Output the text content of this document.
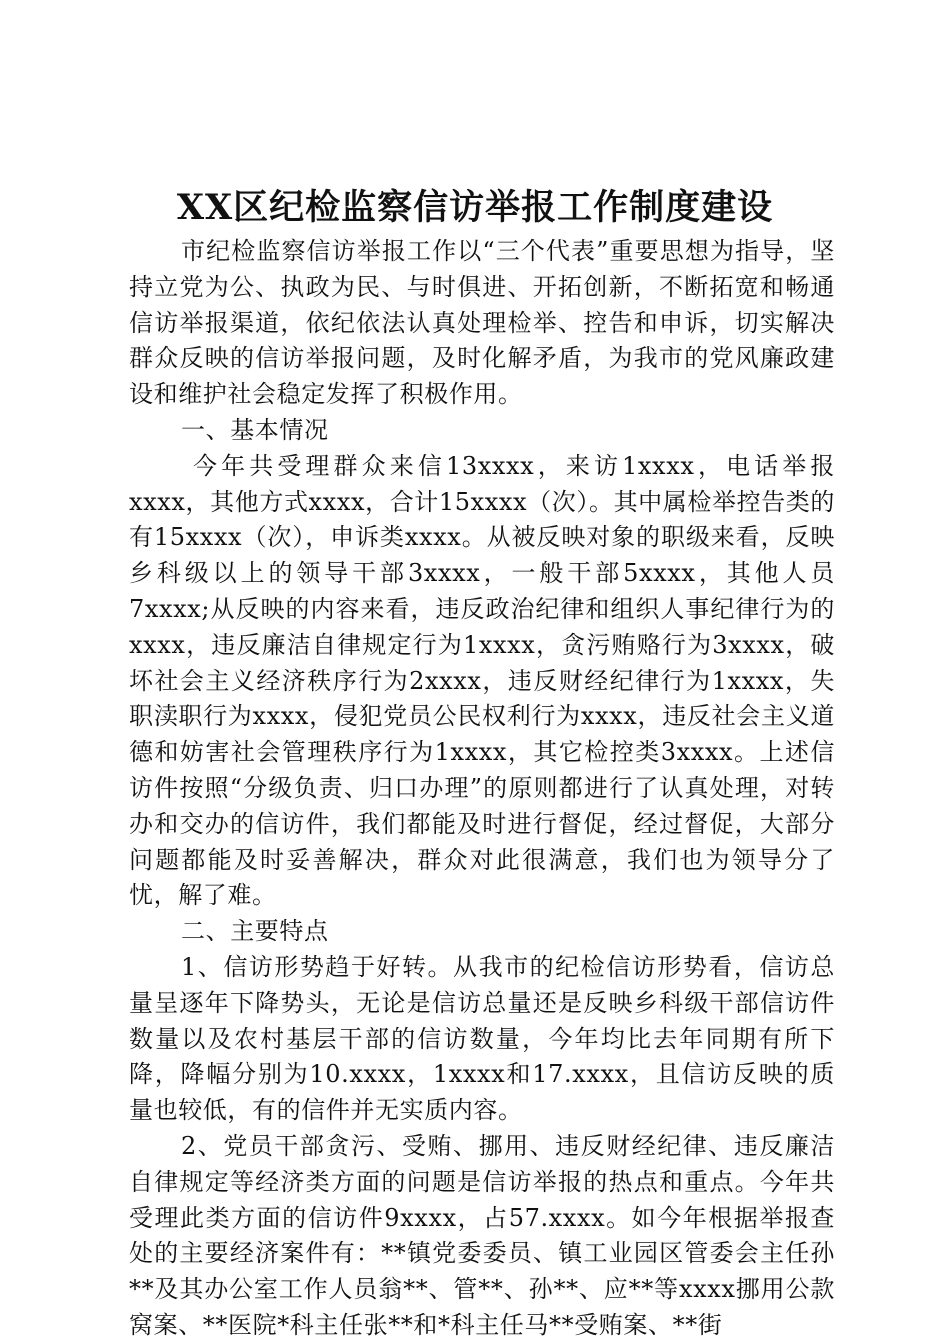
XX区纪检监察信访举报工作制度建设

市纪检监察信访举报工作以“三个代表”重要思想为指导，坚持立党为公、执政为民、与时俱进、开拓创新，不断拓宽和畅通信访举报渠道，依纪依法认真处理检举、控告和申诉，切实解决群众反映的信访举报问题，及时化解矛盾，为我市的党风廉政建设和维护社会稳定发挥了积极作用。

一、基本情况

今年共受理群众来信13xxxx，来访1xxxx，电话举报xxxx，其他方式xxxx，合计15xxxx（次）。其中属检举控告类的有15xxxx（次），申诉类xxxx。从被反映对象的职级来看，反映乡科级以上的领导干部3xxxx，一般干部5xxxx，其他人员7xxxx;从反映的内容来看，违反政治纪律和组织人事纪律行为的xxxx，违反廉洁自律规定行为1xxxx，贪污贿赂行为3xxxx，破坏社会主义经济秩序行为2xxxx，违反财经纪律行为1xxxx，失职渎职行为xxxx，侵犯党员公民权利行为xxxx，违反社会主义道德和妨害社会管理秩序行为1xxxx，其它检控类3xxxx。上述信访件按照“分级负责、归口办理”的原则都进行了认真处理，对转办和交办的信访件，我们都能及时进行督促，经过督促，大部分问题都能及时妥善解决，群众对此很满意，我们也为领导分了忧，解了难。

二、主要特点

1、信访形势趋于好转。从我市的纪检信访形势看，信访总量呈逐年下降势头，无论是信访总量还是反映乡科级干部信访件数量以及农村基层干部的信访数量，今年均比去年同期有所下降，降幅分别为10.xxxx，1xxxx和17.xxxx，且信访反映的质量也较低，有的信件并无实质内容。

2、党员干部贪污、受贿、挪用、违反财经纪律、违反廉洁自律规定等经济类方面的问题是信访举报的热点和重点。今年共受理此类方面的信访件9xxxx，占57.xxxx。如今年根据举报查处的主要经济案件有：**镇党委委员、镇工业园区管委会主任孙**及其办公室工作人员翁**、管**、孙**、应**等xxxx挪用公款窝案、**医院*科主任张**和*科主任马**受贿案、**街
